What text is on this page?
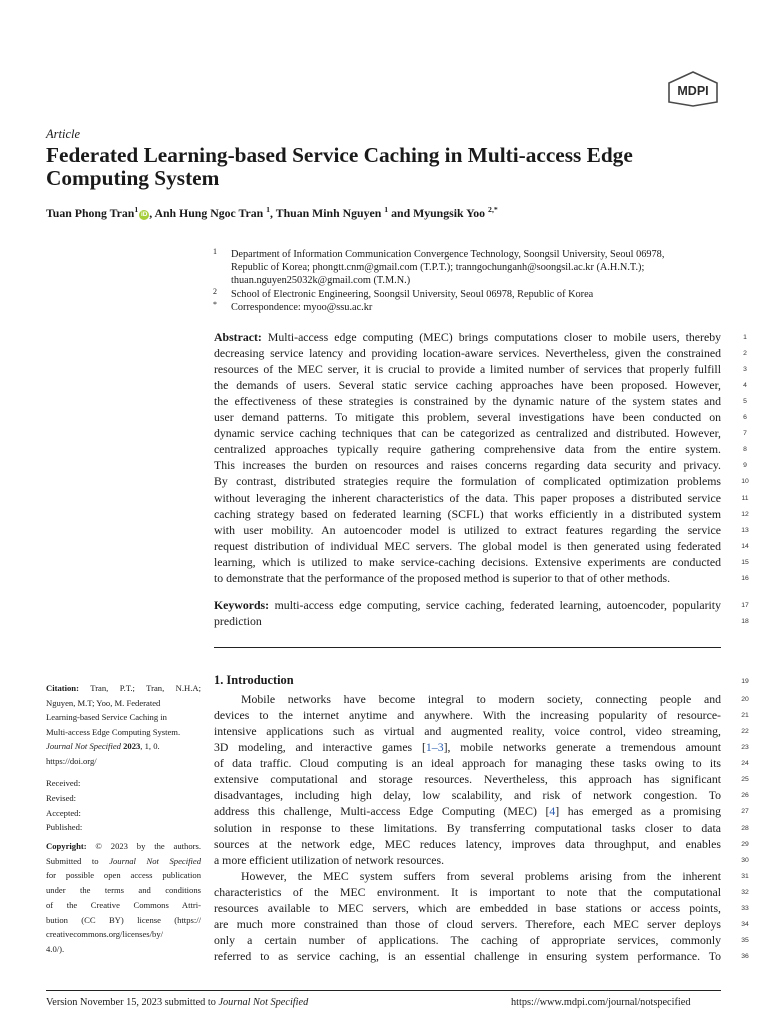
MDPI
Article
Federated Learning-based Service Caching in Multi-access Edge Computing System
Tuan Phong Tran$^1$iD , Anh Hung Ngoc Tran $^1$, Thuan Minh Nguyen $^1$ and Myungsik Yoo $^{2,*}$
1 Department of Information Communication Convergence Technology, Soongsil University, Seoul 06978,
Republic of Korea; phongtt.cnm@gmail.com (T.P.T.); tranngochunganh@soongsil.ac.kr (A.H.N.T.);
thuan.nguyen25032k@gmail.com (T.M.N.)
2 School of Electronic Engineering, Soongsil University, Seoul 06978, Republic of Korea
* Correspondence: myoo@ssu.ac.kr
Abstract: Multi-access edge computing (MEC) brings computations closer to mobile users, thereby	1
decreasing service latency and providing location-aware services. Nevertheless, given the constrained	2
resources of the MEC server, it is crucial to provide a limited number of services that properly fulfill	3
the demands of users. Several static service caching approaches have been proposed. However,	4
the effectiveness of these strategies is constrained by the dynamic nature of the system states and	5
user demand patterns. To mitigate this problem, several investigations have been conducted on	6
dynamic service caching techniques that can be categorized as centralized and distributed. However,	7
centralized approaches typically require gathering comprehensive data from the entire system.	8
This increases the burden on resources and raises concerns regarding data security and privacy.	9
By contrast, distributed strategies require the formulation of complicated optimization problems	10
without leveraging the inherent characteristics of the data. This paper proposes a distributed service	11
caching strategy based on federated learning (SCFL) that works efficiently in a distributed system	12
with user mobility. An autoencoder model is utilized to extract features regarding the service	13
request distribution of individual MEC servers. The global model is then generated using federated	14
learning, which is utilized to make service-caching decisions. Extensive experiments are conducted	15
to demonstrate that the performance of the proposed method is superior to that of other methods.	16
Keywords: multi-access edge computing, service caching, federated learning, autoencoder, popularity
prediction
17
18
Citation: Tran, P.T.; Tran, N.H.A;
Nguyen, M.T; Yoo, M. Federated
Learning-based Service Caching in
Multi-access Edge Computing System.
Journal Not Specified 2023, 1, 0.
https://doi.org/
Received:
Revised:
Accepted:
Published:
Copyright: © 2023 by the authors.
Submitted to Journal Not Specified
for possible open access publication
under the terms and conditions
of the Creative Commons Attri-
bution (CC BY) license (https://
creativecommons.org/licenses/by/
4.0/).
1. Introduction	19
Mobile networks have become integral to modern society, connecting people and	20
devices to the internet anytime and anywhere. With the increasing popularity of resource-	21
intensive applications such as virtual and augmented reality, voice control, video streaming,	22
3D modeling, and interactive games [1–3], mobile networks generate a tremendous amount	23
of data traffic. Cloud computing is an ideal approach for managing these tasks owing to its	24
extensive computational and storage resources. Nevertheless, this approach has significant	25
disadvantages, including high delay, low scalability, and risk of network congestion. To	26
address this challenge, Multi-access Edge Computing (MEC) [4] has emerged as a promising	27
solution in response to these limitations. By transferring computational tasks closer to data	28
sources at the network edge, MEC reduces latency, improves data throughput, and enables	29
a more efficient utilization of network resources.	30
However, the MEC system suffers from several problems arising from the inherent	31
characteristics of the MEC environment. It is important to note that the computational	32
resources available to MEC servers, which are embedded in base stations or access points,	33
are much more constrained than those of cloud servers. Therefore, each MEC server deploys	34
only a certain number of applications. The caching of appropriate services, commonly	35
referred to as service caching, is an essential challenge in ensuring system performance. To	36
Version November 15, 2023 submitted to Journal Not Specified	https://www.mdpi.com/journal/notspecified
